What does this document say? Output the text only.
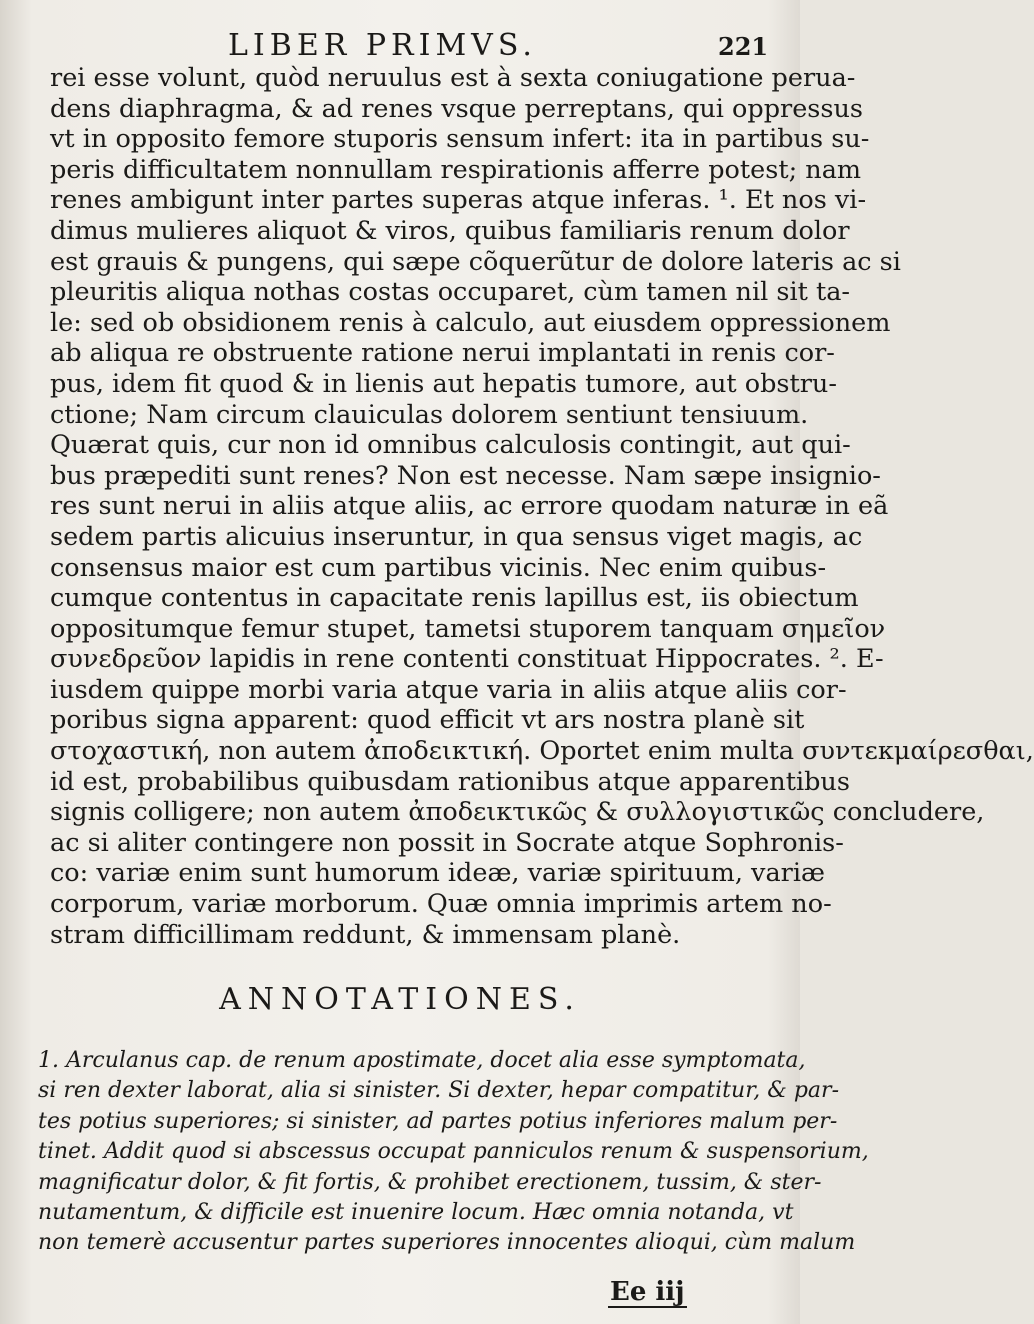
LIBER PRIMVS.	221
rei esse volunt, quòd neruulus est à sexta coniugatione perua-
dens diaphragma, & ad renes vsque perreptans, qui oppressus
vt in opposito femore stuporis sensum infert: ita in partibus su-
peris difficultatem nonnullam respirationis afferre potest; nam
renes ambigunt inter partes superas atque inferas. ¹. Et nos vi-
dimus mulieres aliquot & viros, quibus familiaris renum dolor
est grauis & pungens, qui sæpe cõquerũtur de dolore lateris ac si
pleuritis aliqua nothas costas occuparet, cùm tamen nil sit ta-
le: sed ob obsidionem renis à calculo, aut eiusdem oppressionem
ab aliqua re obstruente ratione nerui implantati in renis cor-
pus, idem fit quod & in lienis aut hepatis tumore, aut obstru-
ctione; Nam circum clauiculas dolorem sentiunt tensiuum.
Quærat quis, cur non id omnibus calculosis contingit, aut qui-
bus præpediti sunt renes? Non est necesse. Nam sæpe insignio-
res sunt nerui in aliis atque aliis, ac errore quodam naturæ in eã
sedem partis alicuius inseruntur, in qua sensus viget magis, ac
consensus maior est cum partibus vicinis. Nec enim quibus-
cumque contentus in capacitate renis lapillus est, iis obiectum
oppositumque femur stupet, tametsi stuporem tanquam σημεῖον
συνεδρεῦον lapidis in rene contenti constituat Hippocrates. ². E-
iusdem quippe morbi varia atque varia in aliis atque aliis cor-
poribus signa apparent: quod efficit vt ars nostra planè sit
στοχαστική, non autem ἀποδεικτική. Oportet enim multa συντεκμαίρεσθαι,
id est, probabilibus quibusdam rationibus atque apparentibus
signis colligere; non autem ἀποδεικτικῶς & συλλογιστικῶς concludere,
ac si aliter contingere non possit in Socrate atque Sophronis-
co: variæ enim sunt humorum ideæ, variæ spirituum, variæ
corporum, variæ morborum. Quæ omnia imprimis artem no-
stram difficillimam reddunt, & immensam planè.
ANNOTATIONES.
1. Arculanus cap. de renum apostimate, docet alia esse symptomata,
si ren dexter laborat, alia si sinister. Si dexter, hepar compatitur, & par-
tes potius superiores; si sinister, ad partes potius inferiores malum per-
tinet. Addit quod si abscessus occupat panniculos renum & suspensorium,
magnificatur dolor, & fit fortis, & prohibet erectionem, tussim, & ster-
nutamentum, & difficile est inuenire locum. Hæc omnia notanda, vt
non temerè accusentur partes superiores innocentes alioqui, cùm malum
Ee iij
